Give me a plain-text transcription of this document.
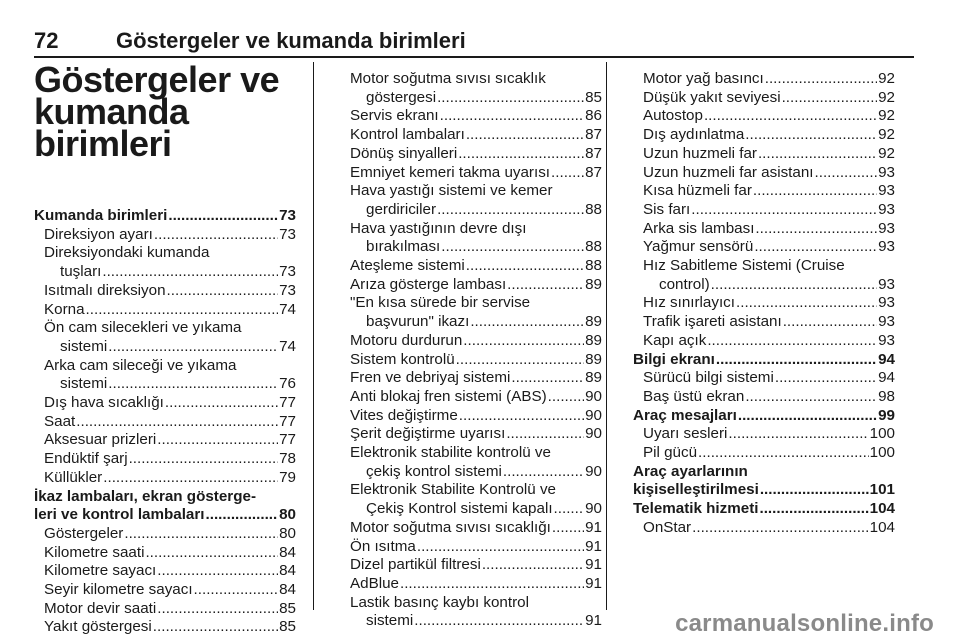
72	Göstergeler ve kumanda birimleri
Göstergeler ve kumanda birimleri
Kumanda birimleri .....	73
Direksiyon ayarı .....	73
Direksiyondaki kumanda
tuşları .....	73
Isıtmalı direksiyon .....	73
Korna .....	74
Ön cam silecekleri ve yıkama
sistemi .....	74
Arka cam sileceği ve yıkama
sistemi .....	76
Dış hava sıcaklığı .....	77
Saat .....	77
Aksesuar prizleri .....	77
Endüktif şarj .....	78
Küllükler .....	79
İkaz lambaları, ekran gösterge-
leri ve kontrol lambaları .....	80
Göstergeler .....	80
Kilometre saati .....	84
Kilometre sayacı .....	84
Seyir kilometre sayacı .....	84
Motor devir saati .....	85
Yakıt göstergesi .....	85
Motor soğutma sıvısı sıcaklık
göstergesi .....	85
Servis ekranı .....	86
Kontrol lambaları .....	87
Dönüş sinyalleri .....	87
Emniyet kemeri takma uyarısı ..... 87
Hava yastığı sistemi ve kemer
gerdiriciler .....	88
Hava yastığının devre dışı
bırakılması .....	88
Ateşleme sistemi .....	88
Arıza gösterge lambası .....	89
"En kısa sürede bir servise
başvurun" ikazı .....	89
Motoru durdurun .....	89
Sistem kontrolü .....	89
Fren ve debriyaj sistemi .....	89
Anti blokaj fren sistemi (ABS) .....	90
Vites değiştirme .....	90
Şerit değiştirme uyarısı .....	90
Elektronik stabilite kontrolü ve
çekiş kontrol sistemi .....	90
Elektronik Stabilite Kontrolü ve
Çekiş Kontrol sistemi kapalı ..... 90
Motor soğutma sıvısı sıcaklığı ..... 91
Ön ısıtma .....	91
Dizel partikül filtresi .....	91
AdBlue .....	91
Lastik basınç kaybı kontrol
sistemi .....	91
Motor yağ basıncı .....	92
Düşük yakıt seviyesi .....	92
Autostop .....	92
Dış aydınlatma .....	92
Uzun huzmeli far .....	92
Uzun huzmeli far asistanı .....	93
Kısa hüzmeli far .....	93
Sis farı .....	93
Arka sis lambası .....	93
Yağmur sensörü .....	93
Hız Sabitleme Sistemi (Cruise
control) .....	93
Hız sınırlayıcı .....	93
Trafik işareti asistanı .....	93
Kapı açık .....	93
Bilgi ekranı .....	94
Sürücü bilgi sistemi .....	94
Baş üstü ekran .....	98
Araç mesajları .....	99
Uyarı sesleri .....	100
Pil gücü .....	100
Araç ayarlarının
kişiselleştirilmesi .....	101
Telematik hizmeti .....	104
OnStar .....	104
carmanualsonline.info
